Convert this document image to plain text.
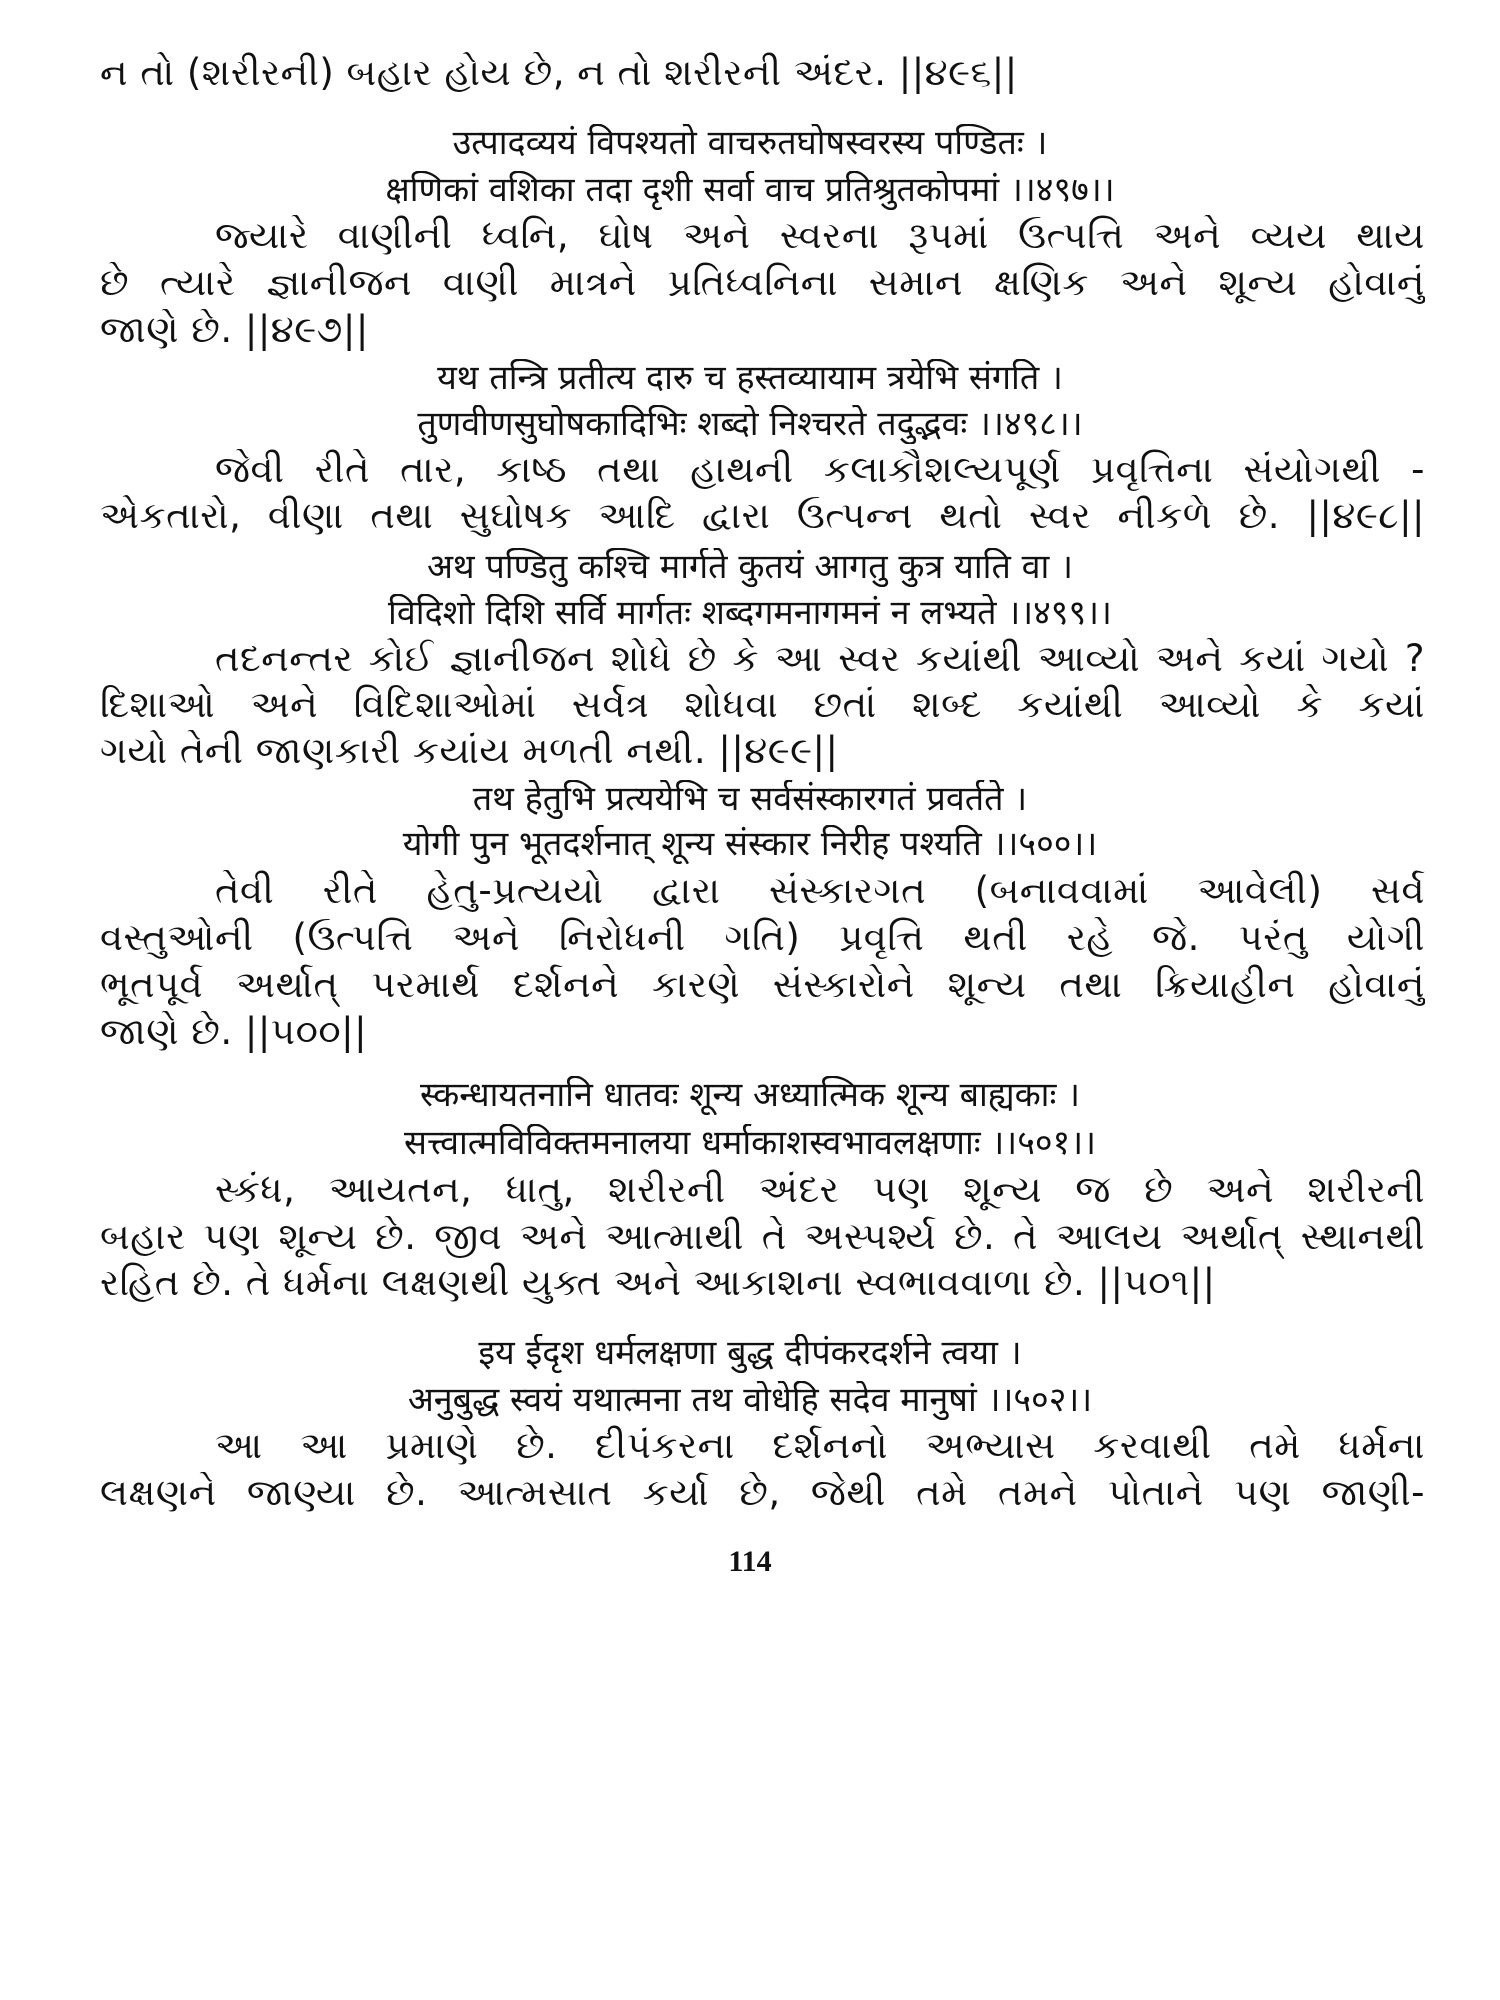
ન તો (શરીરની) બહાર હોય છે, ન તો શરીરની અંદર. ||૪૯૬||
उत्पादव्ययं विपश्यतो वाचरुतघोषस्वरस्य पण्डितः ।
क्षणिकां वशिका तदा दृशी सर्वा वाच प्रतिश्रुतकोपमां ।।४९७।।
જ્યારે વાણીની ધ્વનિ, ઘોષ અને સ્વરના રૂપમાં ઉત્પત્તિ અને વ્યય થાય
છે ત્યારે જ્ઞાનીજન વાણી માત્રને પ્રતિધ્વનિના સમાન ક્ષણિક અને શૂન્ય હોવાનું
જાણે છે. ||૪૯૭||
यथ तन्त्रि प्रतीत्य दारु च हस्तव्यायाम त्रयेभि संगति ।
तुणवीणसुघोषकादिभिः शब्दो निश्चरते तदुद्भवः ।।४९८।।
જેવી રીતે તાર, કાષ્ઠ તથા હાથની કલાકૌશલ્યપૂર્ણ પ્રવૃત્તિના સંયોગથી -
એકતારો, વીણા તથા સુઘોષક આદિ દ્વારા ઉત્પન્ન થતો સ્વર નીકળે છે. ||૪૯૮||
अथ पण्डितु कश्चि मार्गते कुतयं आगतु कुत्र याति वा ।
विदिशो दिशि सर्वि मार्गतः शब्दगमनागमनं न लभ्यते ।।४९९।।
તદનન્તર કોઈ જ્ઞાનીજન શોધે છે કે આ સ્વર કયાંથી આવ્યો અને કયાં ગયો ?
દિશાઓ અને વિદિશાઓમાં સર્વત્ર શોધવા છતાં શબ્દ કયાંથી આવ્યો કે કયાં
ગયો તેની જાણકારી કયાંય મળતી નથી. ||૪૯૯||
तथ हेतुभि प्रत्ययेभि च सर्वसंस्कारगतं प्रवर्तते ।
योगी पुन भूतदर्शनात् शून्य संस्कार निरीह पश्यति ।।५००।।
તેવી રીતે હેતુ-પ્રત્યયો દ્વારા સંસ્કારગત (બનાવવામાં આવેલી) સર્વ
વસ્તુઓની (ઉત્પત્તિ અને નિરોધની ગતિ) પ્રવૃત્તિ થતી રહે જે. પરંતુ યોગી
ભૂતપૂર્વ અર્થાત્ પરમાર્થ દર્શનને કારણે સંસ્કારોને શૂન્ય તથા ક્રિયાહીન હોવાનું
જાણે છે. ||૫૦૦||
स्कन्धायतनानि धातवः शून्य अध्यात्मिक शून्य बाह्यकाः ।
सत्त्वात्मविविक्तमनालया धर्माकाशस्वभावलक्षणाः ।।५०१।।
સ્કંધ, આયતન, ધાતુ, શરીરની અંદર પણ શૂન્ય જ છે અને શરીરની
બહાર પણ શૂન્ય છે. જીવ અને આત્માથી તે અસ્પર્શ્ય છે. તે આલય અર્થાત્ સ્થાનથી
રહિત છે. તે ધર્મના લક્ષણથી યુક્ત અને આકાશના સ્વભાવવાળા છે. ||૫૦૧||
इय ईदृश धर्मलक्षणा बुद्ध दीपंकरदर्शने त्वया ।
अनुबुद्ध स्वयं यथात्मना तथ वोधेहि सदेव मानुषां ।।५०२।।
આ આ પ્રમાણે છે. દીપંકરના દર્શનનો અભ્યાસ કરવાથી તમે ધર્મના
લક્ષણને જાણ્યા છે. આત્મસાત કર્યા છે, જેથી તમે તમને પોતાને પણ જાણી-
114
